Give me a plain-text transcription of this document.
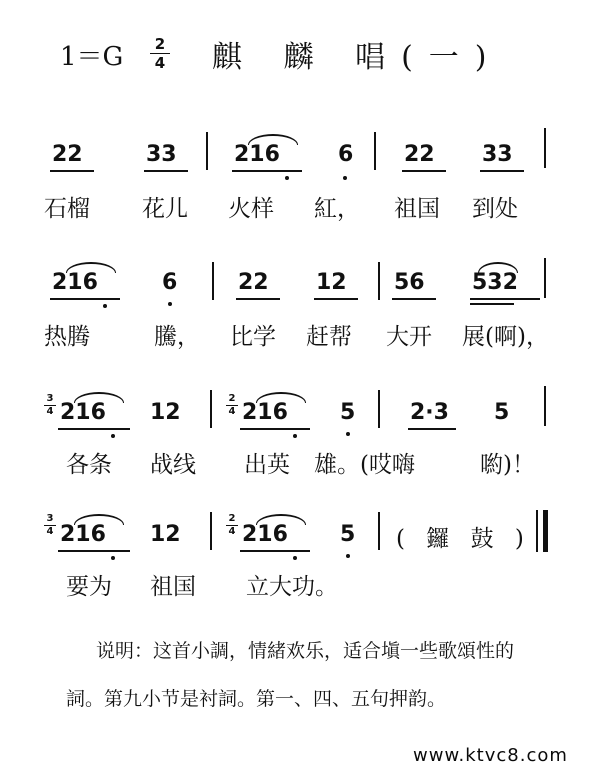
1＝G	2
4 麒 麟 唱(一)
22	33	216	6 22 33
石榴 花儿 火样 紅， 祖国 到处
216	6	22 12 56 532
热腾	騰， 比学 赶帮 大开 展(啊)，
3
4 216 12
2
4 216 5 2·3 5
各条 战线 出英 雄。(哎嗨	喲)！
3
4 216 12
2
4 216 5 ( 鑼 鼓 )
要为 祖国 立大功。
说明：这首小調，情緒欢乐，适合塡一些歌頌性的
詞。第九小节是衬詞。第一、四、五句押韵。
www.ktvc8.com
